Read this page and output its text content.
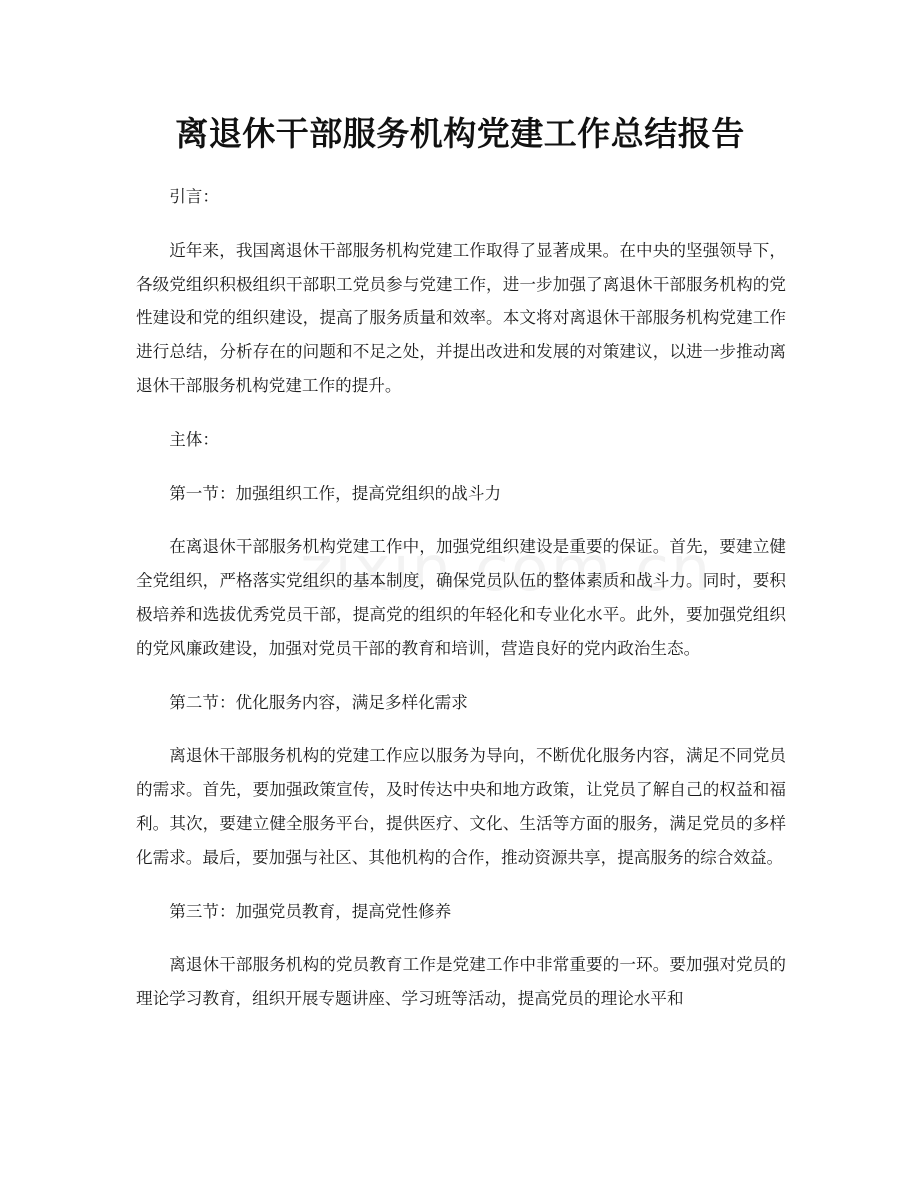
离退休干部服务机构党建工作总结报告

引言：

近年来，我国离退休干部服务机构党建工作取得了显著成果。在中央的坚强领导下，各级党组织积极组织干部职工党员参与党建工作，进一步加强了离退休干部服务机构的党性建设和党的组织建设，提高了服务质量和效率。本文将对离退休干部服务机构党建工作进行总结，分析存在的问题和不足之处，并提出改进和发展的对策建议，以进一步推动离退休干部服务机构党建工作的提升。

主体：

第一节：加强组织工作，提高党组织的战斗力

在离退休干部服务机构党建工作中，加强党组织建设是重要的保证。首先，要建立健全党组织，严格落实党组织的基本制度，确保党员队伍的整体素质和战斗力。同时，要积极培养和选拔优秀党员干部，提高党的组织的年轻化和专业化水平。此外，要加强党组织的党风廉政建设，加强对党员干部的教育和培训，营造良好的党内政治生态。

第二节：优化服务内容，满足多样化需求

离退休干部服务机构的党建工作应以服务为导向，不断优化服务内容，满足不同党员的需求。首先，要加强政策宣传，及时传达中央和地方政策，让党员了解自己的权益和福利。其次，要建立健全服务平台，提供医疗、文化、生活等方面的服务，满足党员的多样化需求。最后，要加强与社区、其他机构的合作，推动资源共享，提高服务的综合效益。

第三节：加强党员教育，提高党性修养

离退休干部服务机构的党员教育工作是党建工作中非常重要的一环。要加强对党员的理论学习教育，组织开展专题讲座、学习班等活动，提高党员的理论水平和
